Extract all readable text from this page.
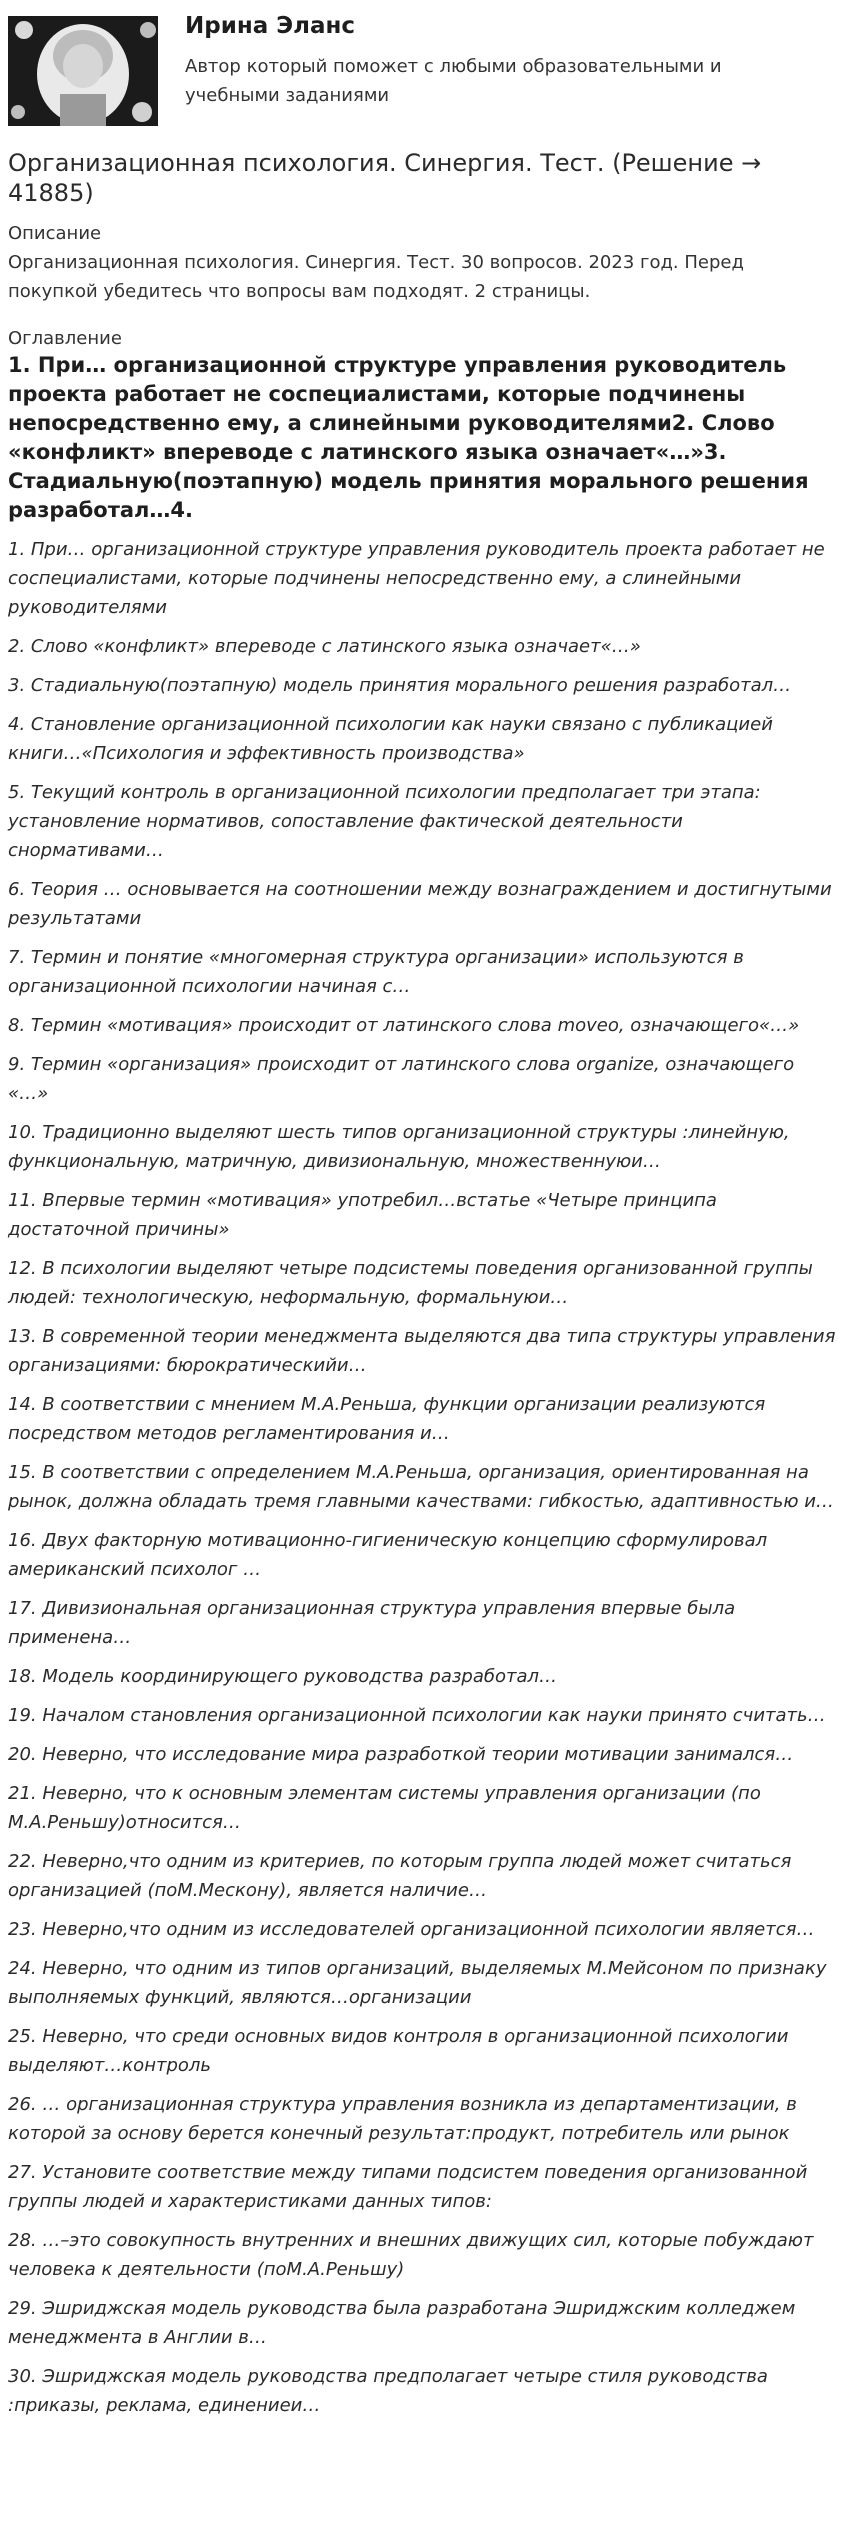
Ирина Эланс
Автор который поможет с любыми образовательными и учебными заданиями
Организационная психология. Синергия. Тест. (Решение → 41885)
Описание
Организационная психология. Синергия. Тест. 30 вопросов. 2023 год. Перед покупкой убедитесь что вопросы вам подходят. 2 страницы.
Оглавление
1. При… организационной структуре управления руководитель проекта работает не соспециалистами, которые подчинены непосредственно ему, а слинейными руководителями2. Слово «конфликт» впереводе с латинского языка означает«…»3. Стадиальную(поэтапную) модель принятия морального решения разработал…4.
1. При… организационной структуре управления руководитель проекта работает не соспециалистами, которые подчинены непосредственно ему, а слинейными руководителями
2. Слово «конфликт» впереводе с латинского языка означает«…»
3. Стадиальную(поэтапную) модель принятия морального решения разработал…
4. Становление организационной психологии как науки связано с публикацией книги…«Психология и эффективность производства»
5. Текущий контроль в организационной психологии предполагает три этапа: установление нормативов, сопоставление фактической деятельности снормативами…
6. Теория … основывается на соотношении между вознаграждением и достигнутыми результатами
7. Термин и понятие «многомерная структура организации» используются в организационной психологии начиная с…
8. Термин «мотивация» происходит от латинского слова moveo, означающего«…»
9. Термин «организация» происходит от латинского слова organize, означающего «…»
10. Традиционно выделяют шесть типов организационной структуры :линейную, функциональную, матричную, дивизиональную, множественнуюи…
11. Впервые термин «мотивация» употребил…встатье «Четыре принципа достаточной причины»
12. В психологии выделяют четыре подсистемы поведения организованной группы людей: технологическую, неформальную, формальнуюи…
13. В современной теории менеджмента выделяются два типа структуры управления организациями: бюрократическийи…
14. В соответствии с мнением М.А.Реньша, функции организации реализуются посредством методов регламентирования и…
15. В соответствии с определением М.А.Реньша, организация, ориентированная на рынок, должна обладать тремя главными качествами: гибкостью, адаптивностью и…
16. Двух факторную мотивационно-гигиеническую концепцию сформулировал американский психолог …
17. Дивизиональная организационная структура управления впервые была применена…
18. Модель координирующего руководства разработал…
19. Началом становления организационной психологии как науки принято считать…
20. Неверно, что исследование мира разработкой теории мотивации занимался…
21. Неверно, что к основным элементам системы управления организации (по М.А.Реньшу)относится…
22. Неверно,что одним из критериев, по которым группа людей может считаться организацией (поМ.Мескону), является наличие…
23. Неверно,что одним из исследователей организационной психологии является…
24. Неверно, что одним из типов организаций, выделяемых М.Мейсоном по признаку выполняемых функций, являются…организации
25. Неверно, что среди основных видов контроля в организационной психологии выделяют…контроль
26. … организационная структура управления возникла из департаментизации, в которой за основу берется конечный результат:продукт, потребитель или рынок
27. Установите соответствие между типами подсистем поведения организованной группы людей и характеристиками данных типов:
28. …–это совокупность внутренних и внешних движущих сил, которые побуждают человека к деятельности (поМ.А.Реньшу)
29. Эшриджская модель руководства была разработана Эшриджским колледжем менеджмента в Англии в…
30. Эшриджская модель руководства предполагает четыре стиля руководства :приказы, реклама, единениеи…
